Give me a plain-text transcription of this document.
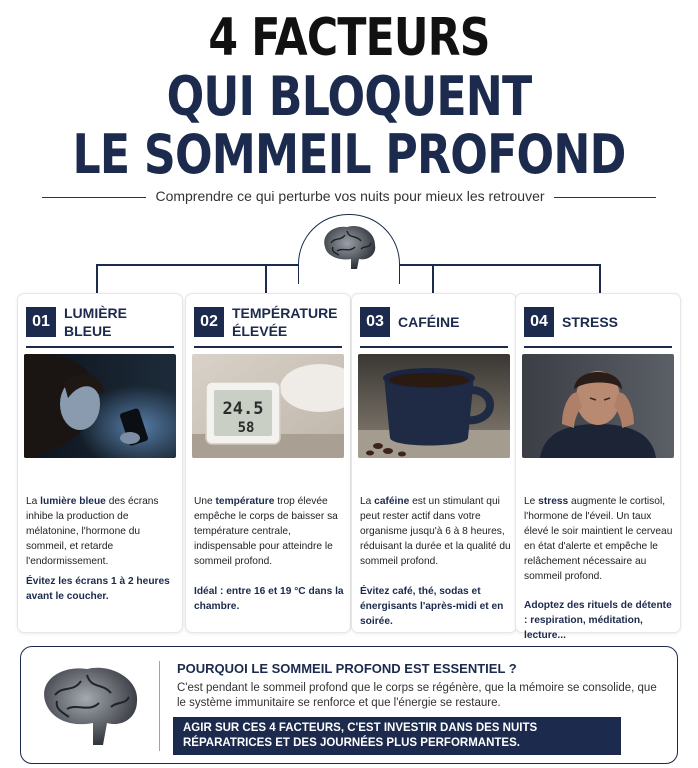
4 FACTEURS
QUI BLOQUENT
LE SOMMEIL PROFOND
Comprendre ce qui perturbe vos nuits pour mieux les retrouver
01	LUMIÈRE BLEUE
La lumière bleue des écrans inhibe la production de mélatonine, l'hormone du sommeil, et retarde l'endormissement.
Évitez les écrans 1 à 2 heures avant le coucher.
02	TEMPÉRATURE ÉLEVÉE
24.5
58
Une température trop élevée empêche le corps de baisser sa température centrale, indispensable pour atteindre le sommeil profond.
Idéal : entre 16 et 19 °C dans la chambre.
03	CAFÉINE
La caféine est un stimulant qui peut rester actif dans votre organisme jusqu'à 6 à 8 heures, réduisant la durée et la qualité du sommeil profond.
Évitez café, thé, sodas et énergisants l'après-midi et en soirée.
04	STRESS
Le stress augmente le cortisol, l'hormone de l'éveil. Un taux élevé le soir maintient le cerveau en état d'alerte et empêche le relâchement nécessaire au sommeil profond.
Adoptez des rituels de détente : respiration, méditation, lecture...
POURQUOI LE SOMMEIL PROFOND EST ESSENTIEL ?
C'est pendant le sommeil profond que le corps se régénère, que la mémoire se consolide, que le système immunitaire se renforce et que l'énergie se restaure.
AGIR SUR CES 4 FACTEURS, C'EST INVESTIR DANS DES NUITS RÉPARATRICES ET DES JOURNÉES PLUS PERFORMANTES.
